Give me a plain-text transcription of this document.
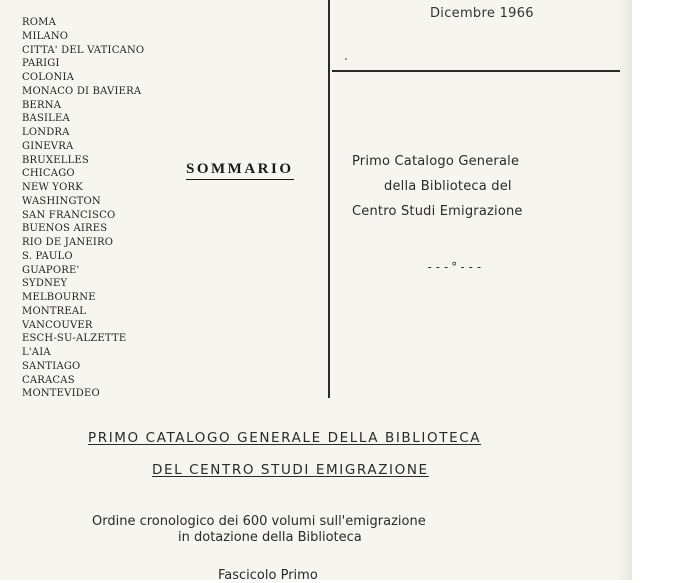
ROMA
MILANO
CITTA' DEL VATICANO
PARIGI
COLONIA
MONACO DI BAVIERA
BERNA
BASILEA
LONDRA
GINEVRA
BRUXELLES
CHICAGO
NEW YORK
WASHINGTON
SAN FRANCISCO
BUENOS AIRES
RIO DE JANEIRO
S. PAULO
GUAPORE'
SYDNEY
MELBOURNE
MONTREAL
VANCOUVER
ESCH-SU-ALZETTE
L'AIA
SANTIAGO
CARACAS
MONTEVIDEO
Dicembre 1966
SOMMARIO	Primo Catalogo Generale
della Biblioteca del
Centro Studi Emigrazione
---°---
PRIMO CATALOGO GENERALE DELLA BIBLIOTECA
DEL CENTRO STUDI EMIGRAZIONE
Ordine cronologico dei 600 volumi sull'emigrazione
in dotazione della Biblioteca
Fascicolo Primo
